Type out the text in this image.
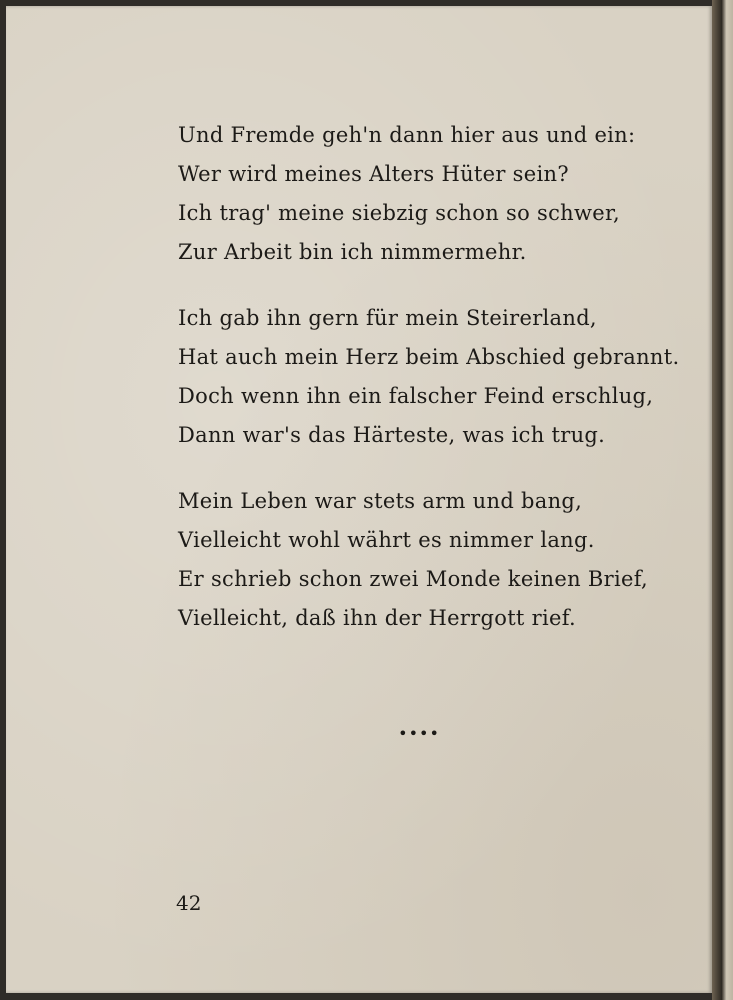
Und Fremde geh'n dann hier aus und ein:
Wer wird meines Alters Hüter sein?
Ich trag' meine siebzig schon so schwer,
Zur Arbeit bin ich nimmermehr.
Ich gab ihn gern für mein Steirerland,
Hat auch mein Herz beim Abschied gebrannt.
Doch wenn ihn ein falscher Feind erschlug,
Dann war's das Härteste, was ich trug.
Mein Leben war stets arm und bang,
Vielleicht wohl währt es nimmer lang.
Er schrieb schon zwei Monde keinen Brief,
Vielleicht, daß ihn der Herrgott rief.
••••
42
